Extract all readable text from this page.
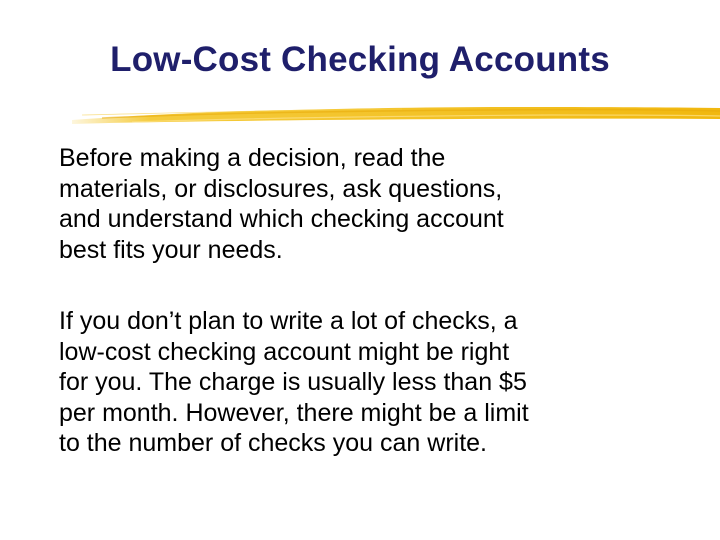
Low-Cost Checking Accounts
Before making a decision, read the
materials, or disclosures, ask questions,
and understand which checking account
best fits your needs.
If you don’t plan to write a lot of checks, a
low-cost checking account might be right
for you. The charge is usually less than $5
per month. However, there might be a limit
to the number of checks you can write.
